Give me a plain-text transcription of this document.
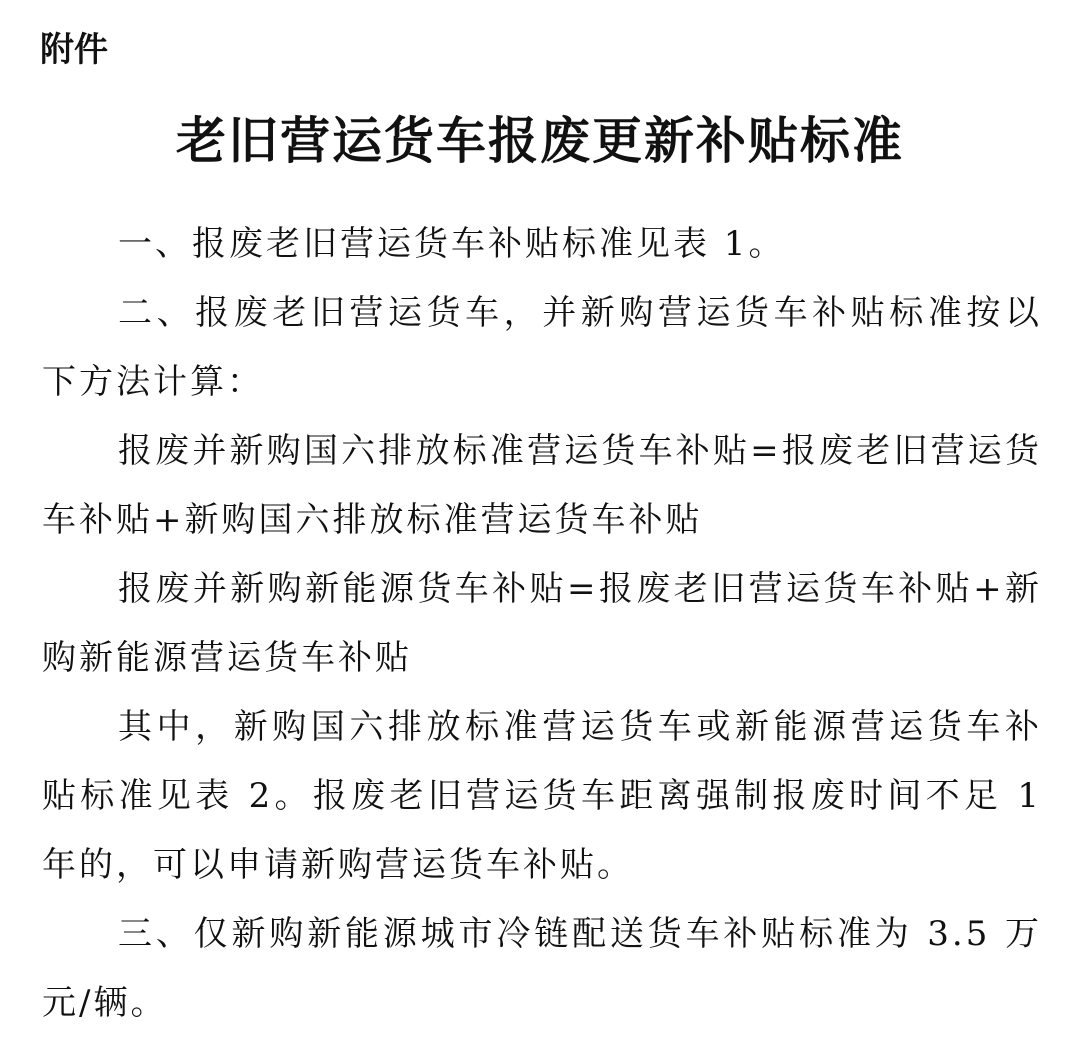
附件
老旧营运货车报废更新补贴标准

一、报废老旧营运货车补贴标准见表 1。

二、报废老旧营运货车，并新购营运货车补贴标准按以下方法计算：

报废并新购国六排放标准营运货车补贴=报废老旧营运货车补贴+新购国六排放标准营运货车补贴

报废并新购新能源货车补贴=报废老旧营运货车补贴+新购新能源营运货车补贴

其中，新购国六排放标准营运货车或新能源营运货车补贴标准见表 2。报废老旧营运货车距离强制报废时间不足 1 年的，可以申请新购营运货车补贴。

三、仅新购新能源城市冷链配送货车补贴标准为 3.5 万元/辆。
